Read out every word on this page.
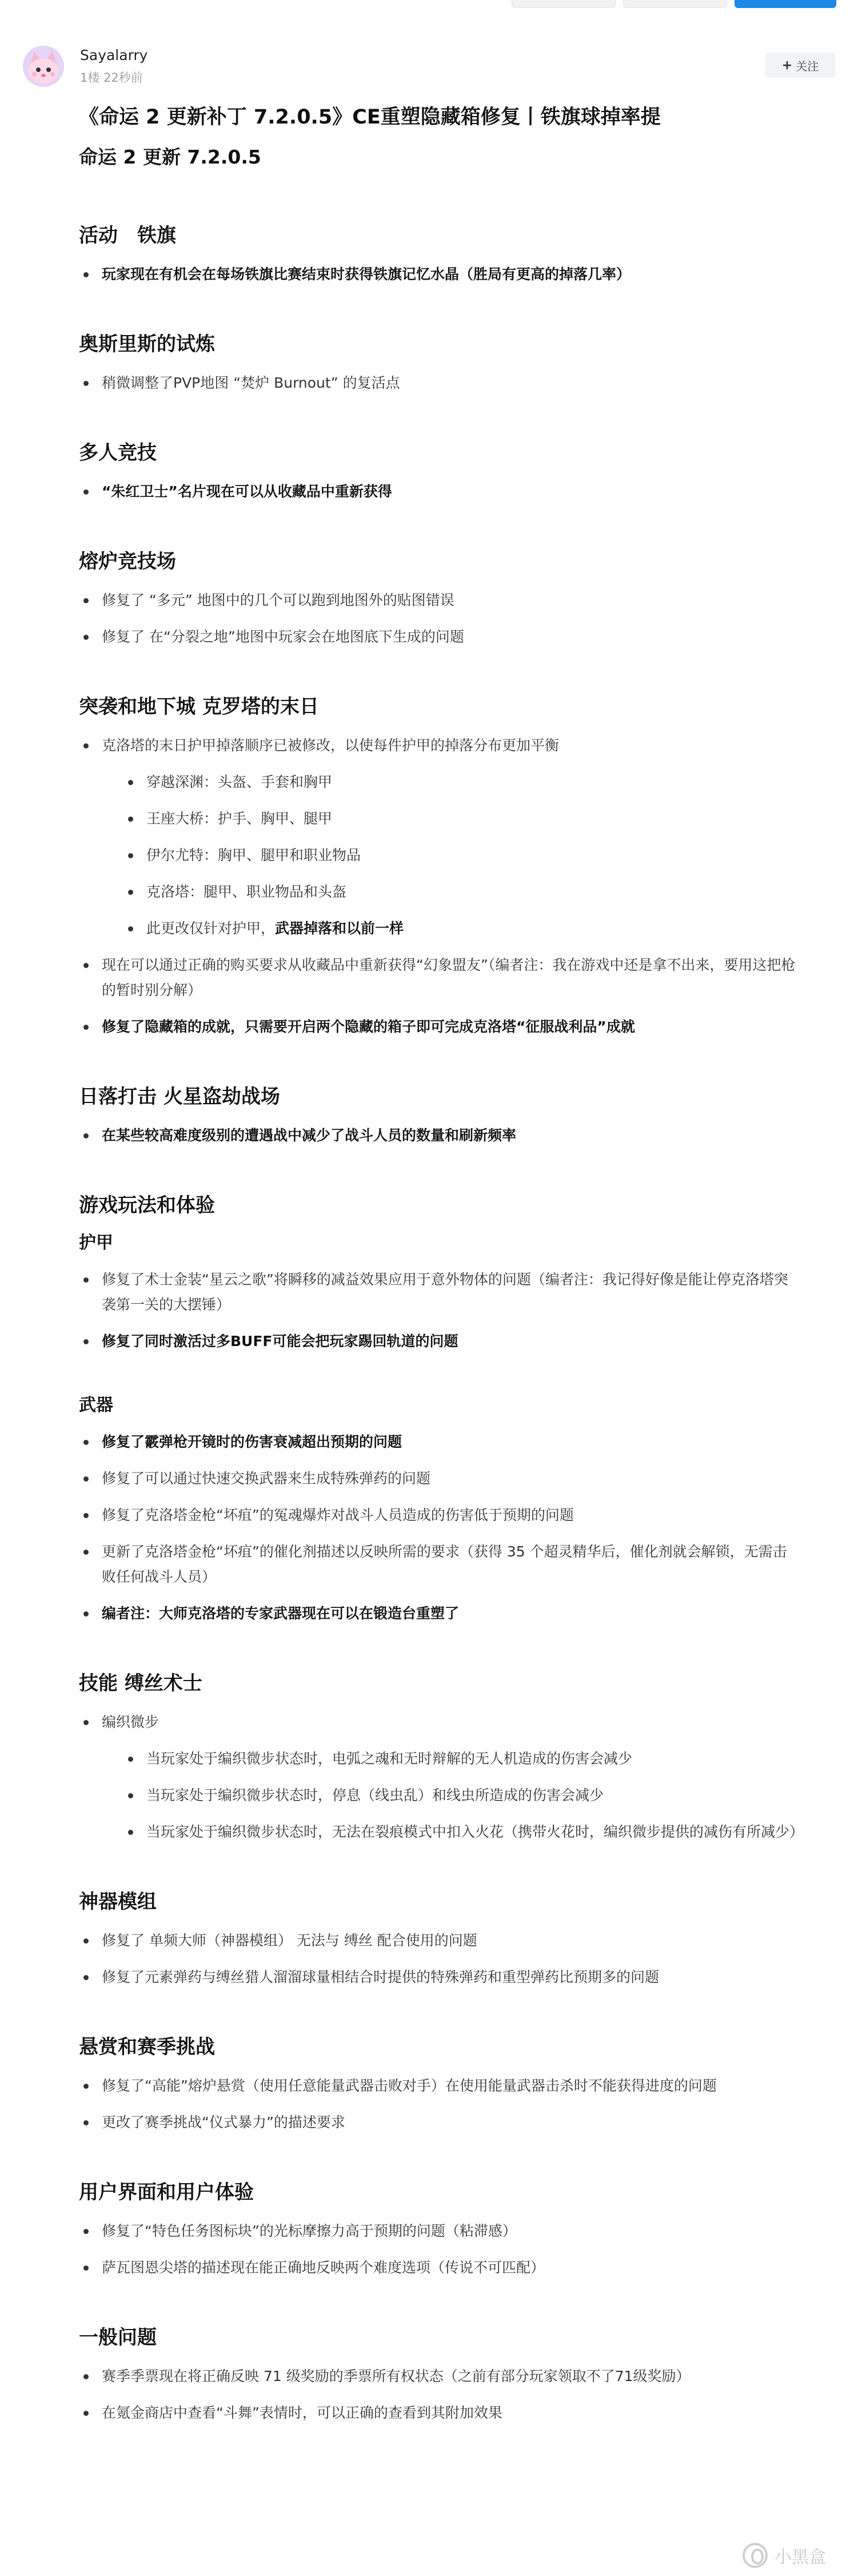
Sayalarry
1楼 22秒前
+ 关注
《命运 2 更新补丁 7.2.0.5》CE重塑隐藏箱修复丨铁旗球掉率提
命运 2 更新 7.2.0.5
活动　铁旗
玩家现在有机会在每场铁旗比赛结束时获得铁旗记忆水晶（胜局有更高的掉落几率）
奥斯里斯的试炼
稍微调整了PVP地图 “焚炉 Burnout” 的复活点
多人竞技
“朱红卫士”名片现在可以从收藏品中重新获得
熔炉竞技场
修复了 “多元” 地图中的几个可以跑到地图外的贴图错误
修复了 在“分裂之地”地图中玩家会在地图底下生成的问题
突袭和地下城 克罗塔的末日
克洛塔的末日护甲掉落顺序已被修改，以使每件护甲的掉落分布更加平衡
穿越深渊：头盔、手套和胸甲
王座大桥：护手、胸甲、腿甲
伊尔尤特：胸甲、腿甲和职业物品
克洛塔：腿甲、职业物品和头盔
此更改仅针对护甲，武器掉落和以前一样
现在可以通过正确的购买要求从收藏品中重新获得“幻象盟友”（编者注：我在游戏中还是拿不出来，要用这把枪的暂时别分解）
修复了隐藏箱的成就，只需要开启两个隐藏的箱子即可完成克洛塔“征服战利品”成就
日落打击 火星盗劫战场
在某些较高难度级别的遭遇战中减少了战斗人员的数量和刷新频率
游戏玩法和体验
护甲
修复了术士金装“星云之歌”将瞬移的减益效果应用于意外物体的问题（编者注：我记得好像是能让停克洛塔突袭第一关的大摆锤）
修复了同时激活过多BUFF可能会把玩家踢回轨道的问题
武器
修复了霰弹枪开镜时的伤害衰减超出预期的问题
修复了可以通过快速交换武器来生成特殊弹药的问题
修复了克洛塔金枪“坏疽”的冤魂爆炸对战斗人员造成的伤害低于预期的问题
更新了克洛塔金枪“坏疽”的催化剂描述以反映所需的要求（获得 35 个超灵精华后，催化剂就会解锁，无需击败任何战斗人员）
编者注：大师克洛塔的专家武器现在可以在锻造台重塑了
技能 缚丝术士
编织微步
当玩家处于编织微步状态时，电弧之魂和无时辩解的无人机造成的伤害会减少
当玩家处于编织微步状态时，停息（线虫乱）和线虫所造成的伤害会减少
当玩家处于编织微步状态时，无法在裂痕模式中扣入火花（携带火花时，编织微步提供的减伤有所减少）
神器模组
修复了 单频大师（神器模组） 无法与 缚丝 配合使用的问题
修复了元素弹药与缚丝猎人溜溜球量相结合时提供的特殊弹药和重型弹药比预期多的问题
悬赏和赛季挑战
修复了“高能”熔炉悬赏（使用任意能量武器击败对手）在使用能量武器击杀时不能获得进度的问题
更改了赛季挑战“仪式暴力”的描述要求
用户界面和用户体验
修复了“特色任务图标块”的光标摩擦力高于预期的问题（粘滞感）
萨瓦图恩尖塔的描述现在能正确地反映两个难度选项（传说不可匹配）
一般问题
赛季季票现在将正确反映 71 级奖励的季票所有权状态（之前有部分玩家领取不了71级奖励）
在氪金商店中查看“斗舞”表情时，可以正确的查看到其附加效果
小黑盒
